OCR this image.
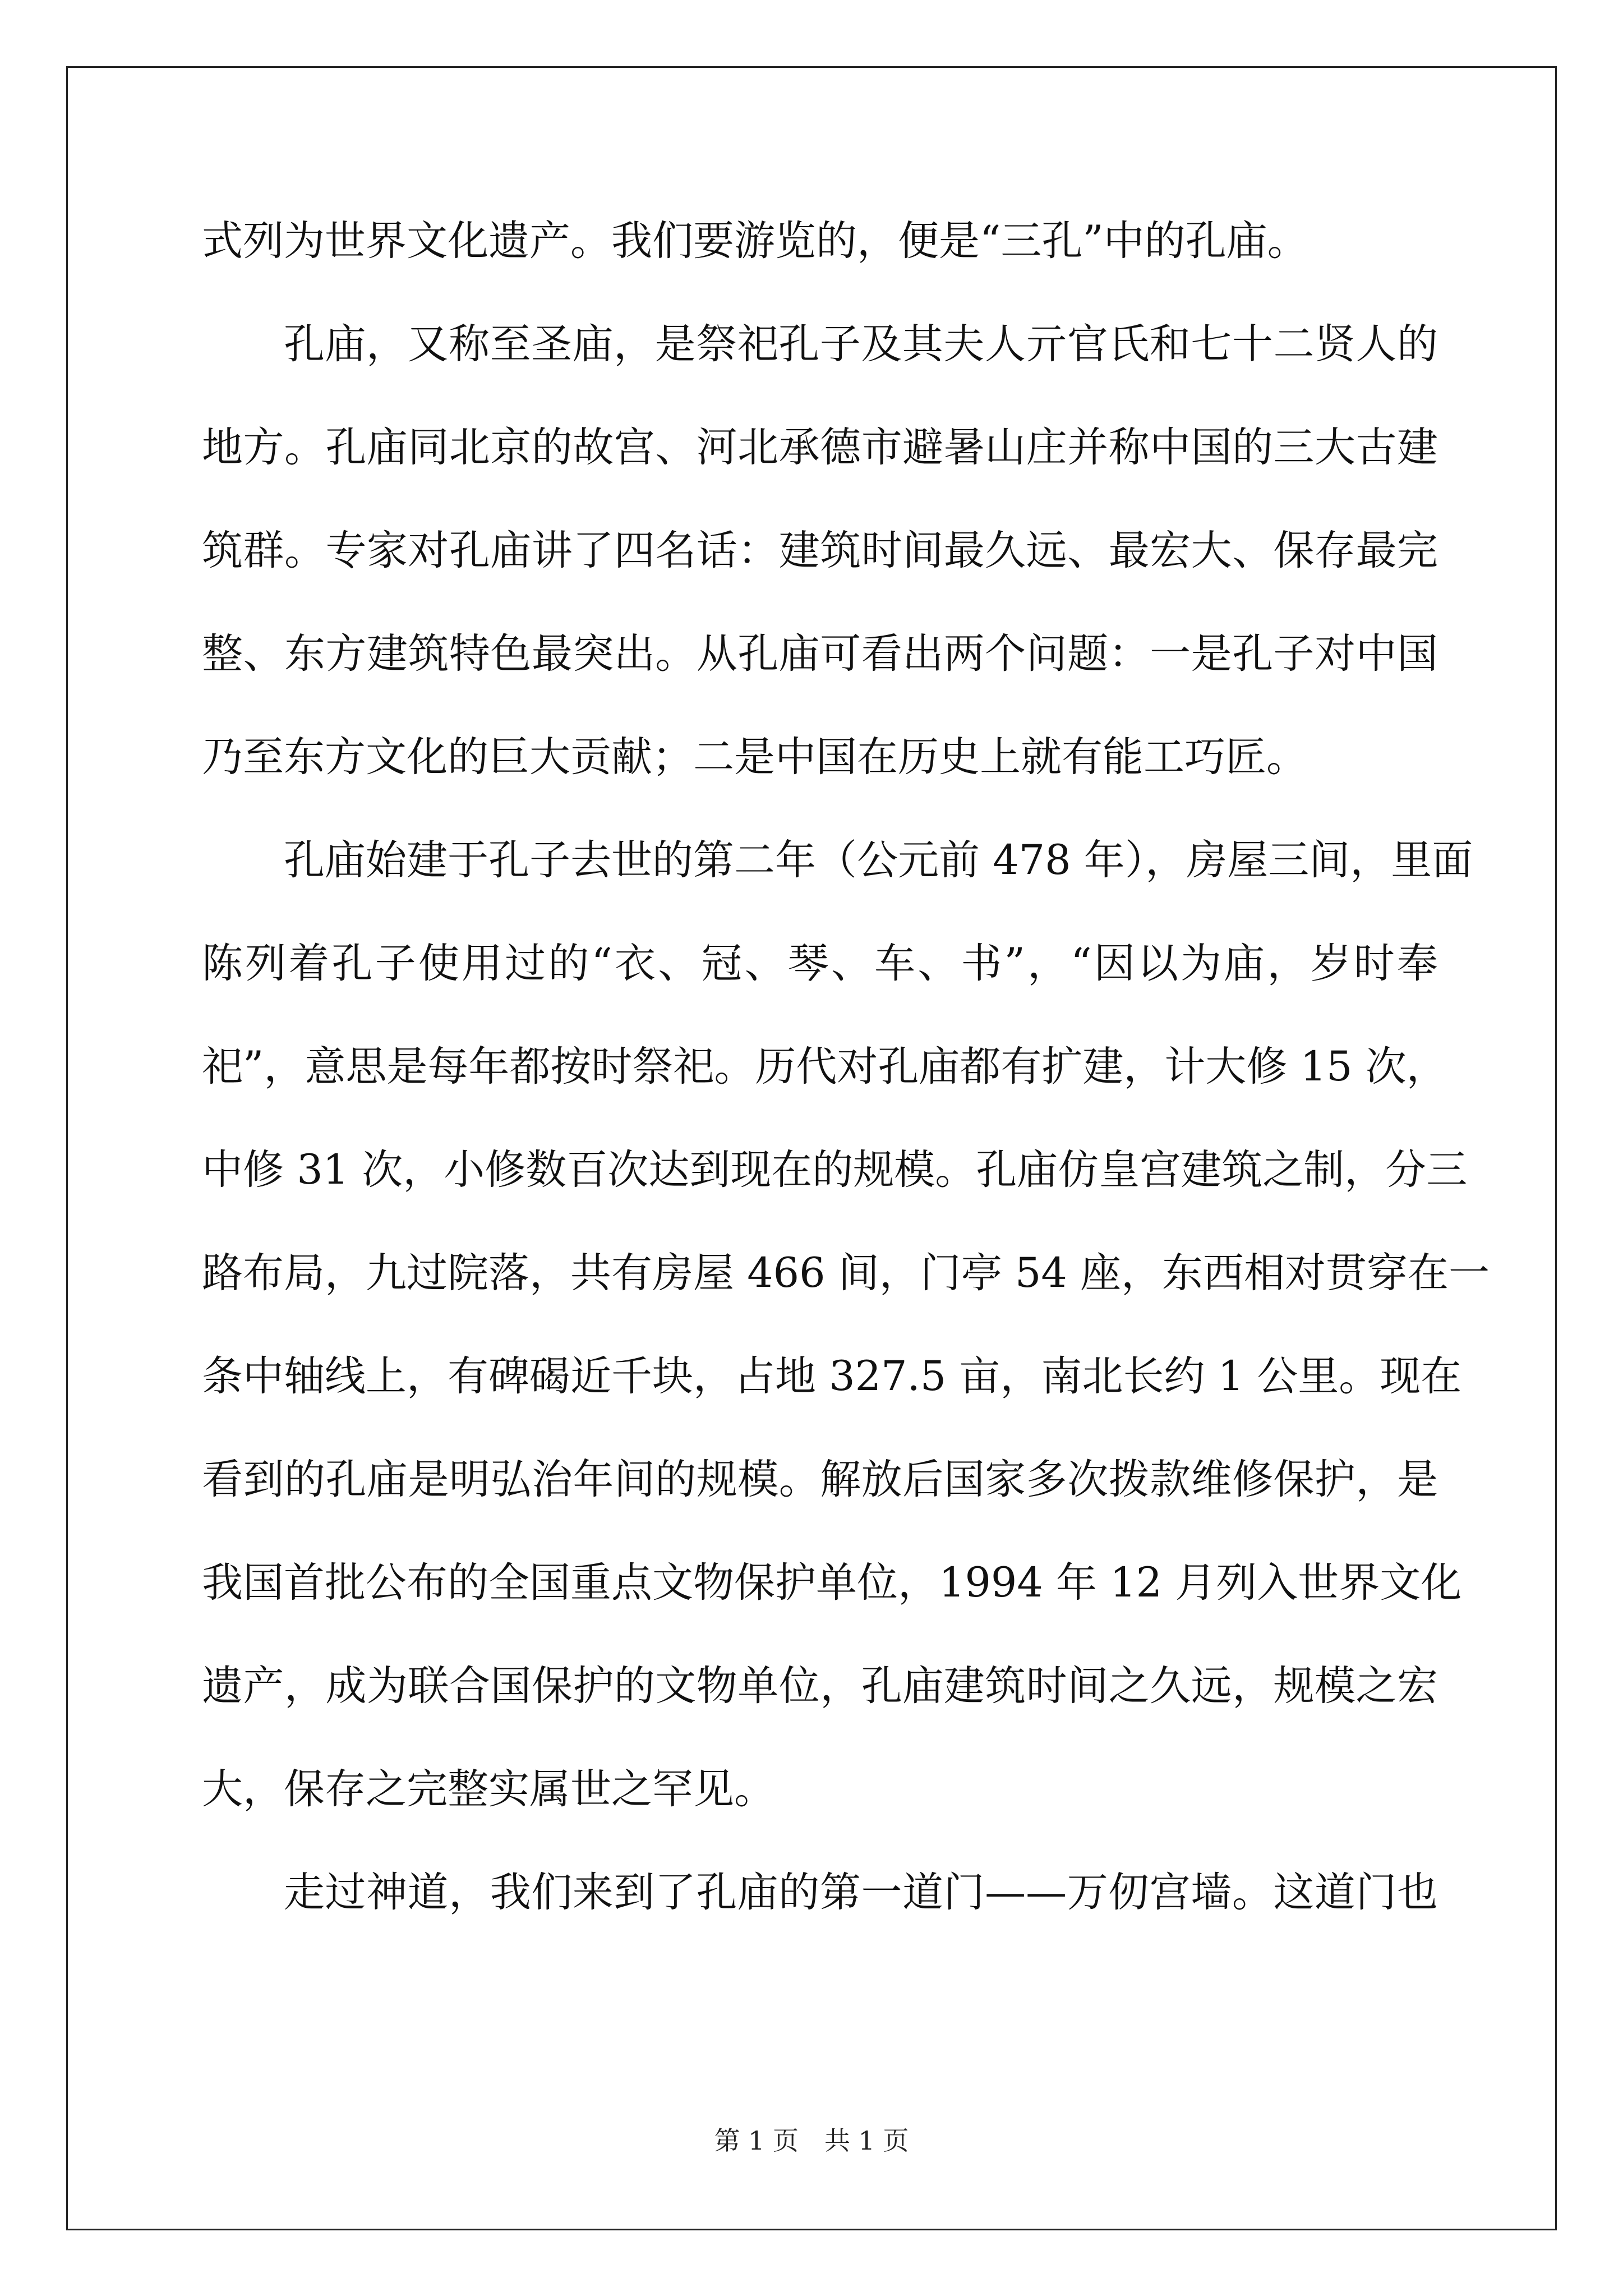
式列为世界文化遗产。我们要游览的，便是“三孔”中的孔庙。
孔庙，又称至圣庙，是祭祀孔子及其夫人亓官氏和七十二贤人的
地方。孔庙同北京的故宫、河北承德市避暑山庄并称中国的三大古建
筑群。专家对孔庙讲了四名话：建筑时间最久远、最宏大、保存最完
整、东方建筑特色最突出。从孔庙可看出两个问题：一是孔子对中国
乃至东方文化的巨大贡献；二是中国在历史上就有能工巧匠。
孔庙始建于孔子去世的第二年（公元前 478 年），房屋三间，里面
陈列着孔子使用过的“衣、冠、琴、车、书”，“因以为庙，岁时奉
祀”，意思是每年都按时祭祀。历代对孔庙都有扩建，计大修 15 次，
中修 31 次，小修数百次达到现在的规模。孔庙仿皇宫建筑之制，分三
路布局，九过院落，共有房屋 466 间，门亭 54 座，东西相对贯穿在一
条中轴线上，有碑碣近千块，占地 327.5 亩，南北长约 1 公里。现在
看到的孔庙是明弘治年间的规模。解放后国家多次拨款维修保护，是
我国首批公布的全国重点文物保护单位，1994 年 12 月列入世界文化
遗产，成为联合国保护的文物单位，孔庙建筑时间之久远，规模之宏
大，保存之完整实属世之罕见。
走过神道，我们来到了孔庙的第一道门——万仞宫墙。这道门也
第 1 页　共 1 页
